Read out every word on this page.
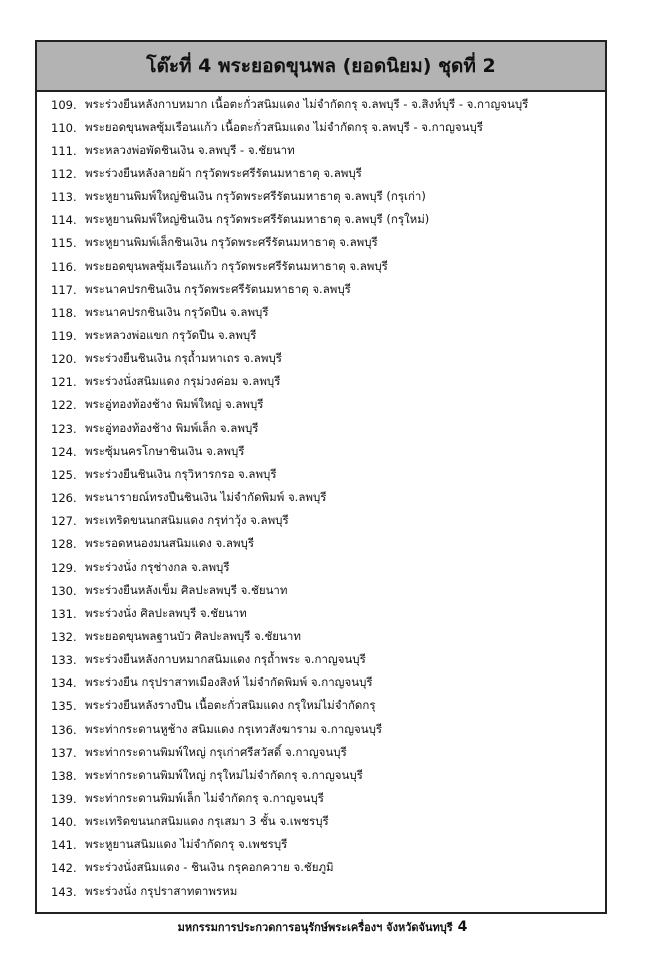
โต๊ะที่ 4 พระยอดขุนพล (ยอดนิยม) ชุดที่ 2
109. พระร่วงยืนหลังกาบหมาก เนื้อตะกั่วสนิมแดง ไม่จำกัดกรุ จ.ลพบุรี - จ.สิงห์บุรี - จ.กาญจนบุรี
110. พระยอดขุนพลซุ้มเรือนแก้ว เนื้อตะกั่วสนิมแดง ไม่จำกัดกรุ จ.ลพบุรี - จ.กาญจนบุรี
111. พระหลวงพ่อพัดชินเงิน จ.ลพบุรี - จ.ชัยนาท
112. พระร่วงยืนหลังลายผ้า กรุวัดพระศรีรัตนมหาธาตุ จ.ลพบุรี
113. พระหูยานพิมพ์ใหญ่ชินเงิน กรุวัดพระศรีรัตนมหาธาตุ จ.ลพบุรี (กรุเก่า)
114. พระหูยานพิมพ์ใหญ่ชินเงิน กรุวัดพระศรีรัตนมหาธาตุ จ.ลพบุรี (กรุใหม่)
115. พระหูยานพิมพ์เล็กชินเงิน กรุวัดพระศรีรัตนมหาธาตุ จ.ลพบุรี
116. พระยอดขุนพลซุ้มเรือนแก้ว กรุวัดพระศรีรัตนมหาธาตุ จ.ลพบุรี
117. พระนาคปรกชินเงิน กรุวัดพระศรีรัตนมหาธาตุ จ.ลพบุรี
118. พระนาคปรกชินเงิน กรุวัดปืน จ.ลพบุรี
119. พระหลวงพ่อแขก กรุวัดปืน จ.ลพบุรี
120. พระร่วงยืนชินเงิน กรุถ้ำมหาเถร จ.ลพบุรี
121. พระร่วงนั่งสนิมแดง กรุม่วงค่อม จ.ลพบุรี
122. พระอู่ทองท้องช้าง พิมพ์ใหญ่ จ.ลพบุรี
123. พระอู่ทองท้องช้าง พิมพ์เล็ก จ.ลพบุรี
124. พระซุ้มนครโกษาชินเงิน จ.ลพบุรี
125. พระร่วงยืนชินเงิน กรุวิหารกรอ จ.ลพบุรี
126. พระนารายณ์ทรงปืนชินเงิน ไม่จำกัดพิมพ์ จ.ลพบุรี
127. พระเทริดขนนกสนิมแดง กรุท่าวุ้ง จ.ลพบุรี
128. พระรอดหนองมนสนิมแดง จ.ลพบุรี
129. พระร่วงนั่ง กรุช่างกล จ.ลพบุรี
130. พระร่วงยืนหลังเข็ม ศิลปะลพบุรี จ.ชัยนาท
131. พระร่วงนั่ง ศิลปะลพบุรี จ.ชัยนาท
132. พระยอดขุนพลฐานบัว ศิลปะลพบุรี จ.ชัยนาท
133. พระร่วงยืนหลังกาบหมากสนิมแดง กรุถ้ำพระ จ.กาญจนบุรี
134. พระร่วงยืน กรุปราสาทเมืองสิงห์ ไม่จำกัดพิมพ์ จ.กาญจนบุรี
135. พระร่วงยืนหลังรางปืน เนื้อตะกั่วสนิมแดง กรุใหม่ไม่จำกัดกรุ
136. พระท่ากระดานหูช้าง สนิมแดง กรุเทวสังฆาราม จ.กาญจนบุรี
137. พระท่ากระดานพิมพ์ใหญ่ กรุเก่าศรีสวัสดิ์ จ.กาญจนบุรี
138. พระท่ากระดานพิมพ์ใหญ่ กรุใหม่ไม่จำกัดกรุ จ.กาญจนบุรี
139. พระท่ากระดานพิมพ์เล็ก ไม่จำกัดกรุ จ.กาญจนบุรี
140. พระเทริดขนนกสนิมแดง กรุเสมา 3 ชั้น จ.เพชรบุรี
141. พระหูยานสนิมแดง ไม่จำกัดกรุ จ.เพชรบุรี
142. พระร่วงนั่งสนิมแดง - ชินเงิน กรุคอกควาย จ.ชัยภูมิ
143. พระร่วงนั่ง กรุปราสาทตาพรหม
มหกรรมการประกวดการอนุรักษ์พระเครื่องฯ จังหวัดจันทบุรี 4
